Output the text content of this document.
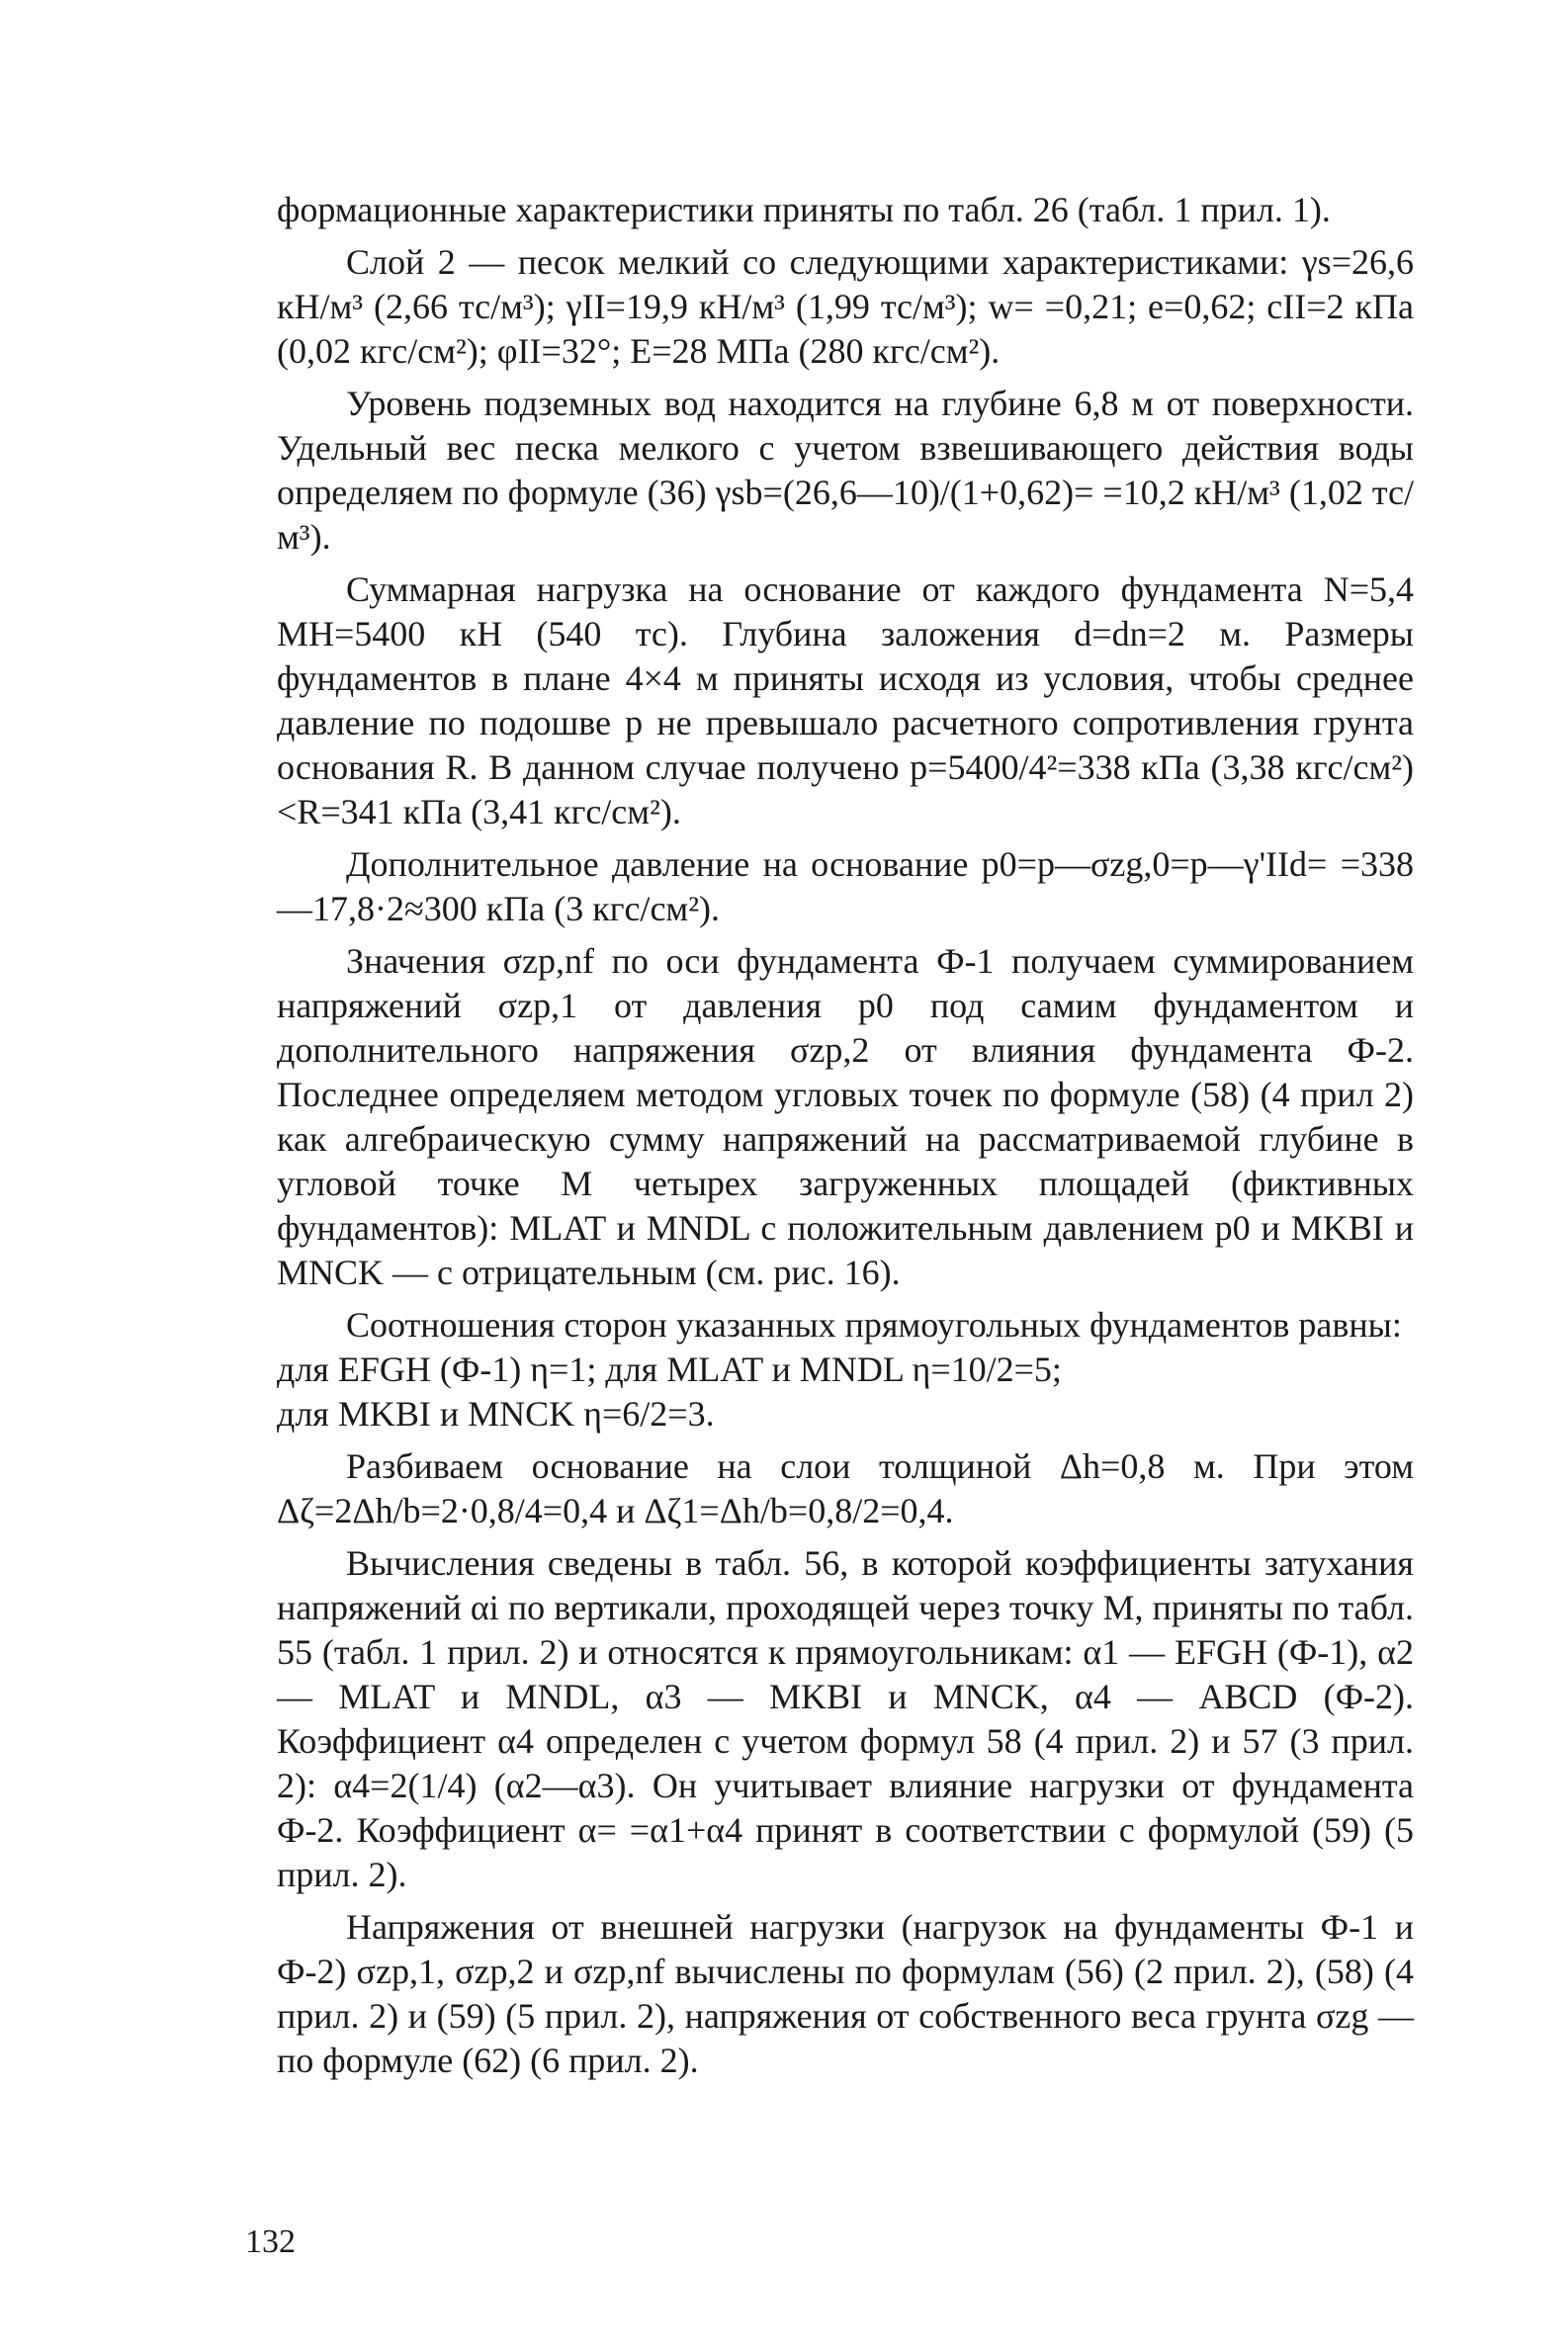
формационные характеристики приняты по табл. 26 (табл. 1 прил. 1).

Слой 2 — песок мелкий со следующими характеристиками: γs=26,6 кН/м³ (2,66 тс/м³); γII=19,9 кН/м³ (1,99 тс/м³); w= =0,21; e=0,62; cII=2 кПа (0,02 кгс/см²); φII=32°; E=28 МПа (280 кгс/см²).

Уровень подземных вод находится на глубине 6,8 м от поверхности. Удельный вес песка мелкого с учетом взвешивающего действия воды определяем по формуле (36) γsb=(26,6—10)/(1+0,62)= =10,2 кН/м³ (1,02 тс/м³).

Суммарная нагрузка на основание от каждого фундамента N=5,4 МН=5400 кН (540 тс). Глубина заложения d=dn=2 м. Размеры фундаментов в плане 4×4 м приняты исходя из условия, чтобы среднее давление по подошве p не превышало расчетного сопротивления грунта основания R. В данном случае получено p=5400/4²=338 кПа (3,38 кгс/см²)<R=341 кПа (3,41 кгс/см²).

Дополнительное давление на основание p0=p—σzg,0=p—γ'IId= =338—17,8·2≈300 кПа (3 кгс/см²).

Значения σzp,nf по оси фундамента Ф-1 получаем суммированием напряжений σzp,1 от давления p0 под самим фундаментом и дополнительного напряжения σzp,2 от влияния фундамента Ф-2. Последнее определяем методом угловых точек по формуле (58) (4 прил 2) как алгебраическую сумму напряжений на рассматриваемой глубине в угловой точке M четырех загруженных площадей (фиктивных фундаментов): MLAT и MNDL с положительным давлением p0 и MKBI и MNCK — с отрицательным (см. рис. 16).

Соотношения сторон указанных прямоугольных фундаментов равны:

для EFGH (Ф-1) η=1; для MLAT и MNDL η=10/2=5;

для MKBI и MNCK η=6/2=3.

Разбиваем основание на слои толщиной Δh=0,8 м. При этом Δζ=2Δh/b=2·0,8/4=0,4 и Δζ1=Δh/b=0,8/2=0,4.

Вычисления сведены в табл. 56, в которой коэффициенты затухания напряжений αi по вертикали, проходящей через точку M, приняты по табл. 55 (табл. 1 прил. 2) и относятся к прямоугольникам: α1 — EFGH (Ф-1), α2 — MLAT и MNDL, α3 — MKBI и MNCK, α4 — ABCD (Ф-2). Коэффициент α4 определен с учетом формул 58 (4 прил. 2) и 57 (3 прил. 2): α4=2(1/4) (α2—α3). Он учитывает влияние нагрузки от фундамента Ф-2. Коэффициент α= =α1+α4 принят в соответствии с формулой (59) (5 прил. 2).

Напряжения от внешней нагрузки (нагрузок на фундаменты Ф-1 и Ф-2) σzp,1, σzp,2 и σzp,nf вычислены по формулам (56) (2 прил. 2), (58) (4 прил. 2) и (59) (5 прил. 2), напряжения от собственного веса грунта σzg — по формуле (62) (6 прил. 2).

132
